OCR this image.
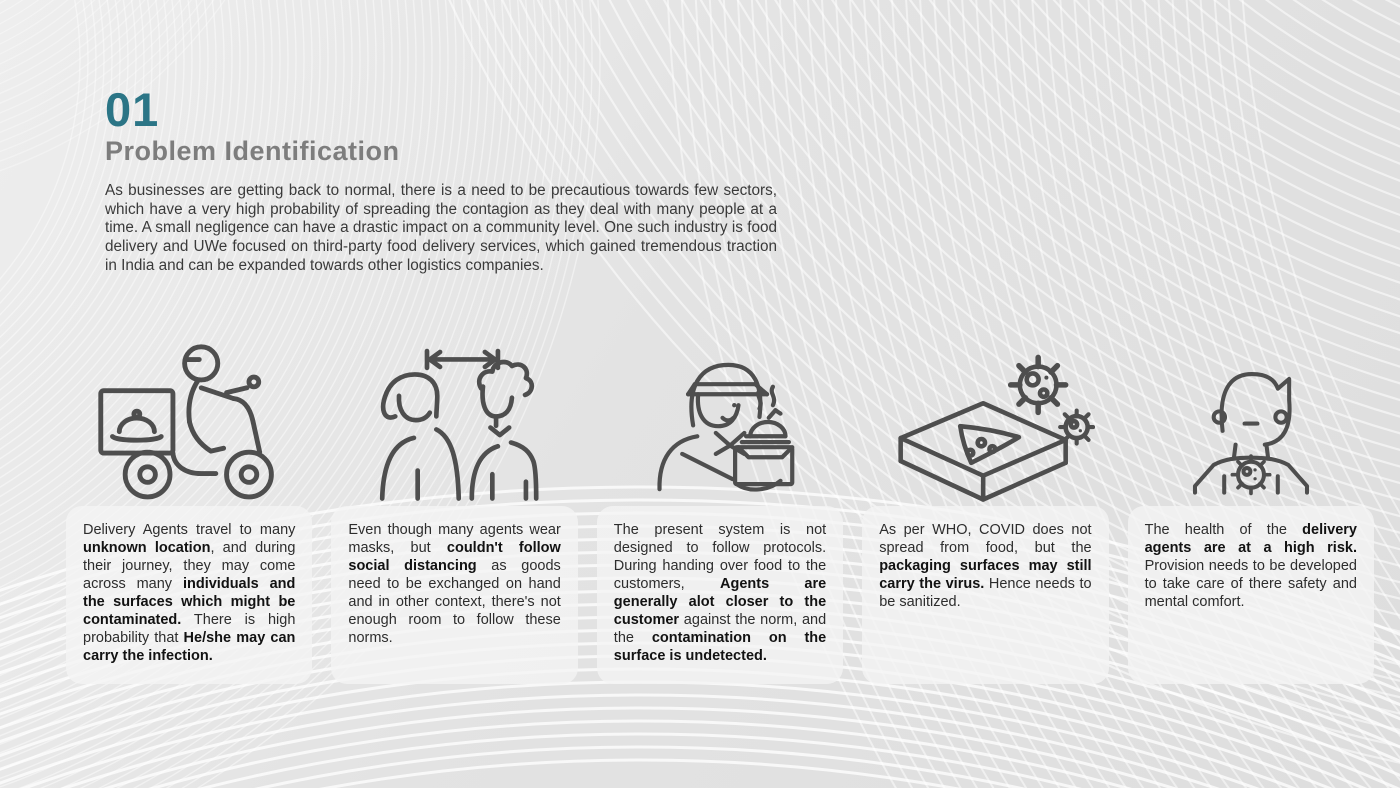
01
Problem Identification

As businesses are getting back to normal, there is a need to be precautious towards few sectors, which have a very high probability of spreading the contagion as they deal with many people at a time. A small negligence can have a drastic impact on a community level. One such industry is food delivery and UWe focused on third-party food delivery services, which gained tremendous traction in India and can be expanded towards other logistics companies.

Delivery Agents travel to many unknown location, and during their journey, they may come across many individuals and the surfaces which might be contaminated. There is high probability that He/she may can carry the infection.

Even though many agents wear masks, but couldn't follow social distancing as goods need to be exchanged on hand and in other context, there's not enough room to follow these norms.

The present system is not designed to follow protocols. During handing over food to the customers, Agents are generally alot closer to the customer against the norm, and the contamination on the surface is undetected.

As per WHO, COVID does not spread from food, but the packaging surfaces may still carry the virus. Hence needs to be sanitized.

The health of the delivery agents are at a high risk. Provision needs to be developed to take care of there safety and mental comfort.
